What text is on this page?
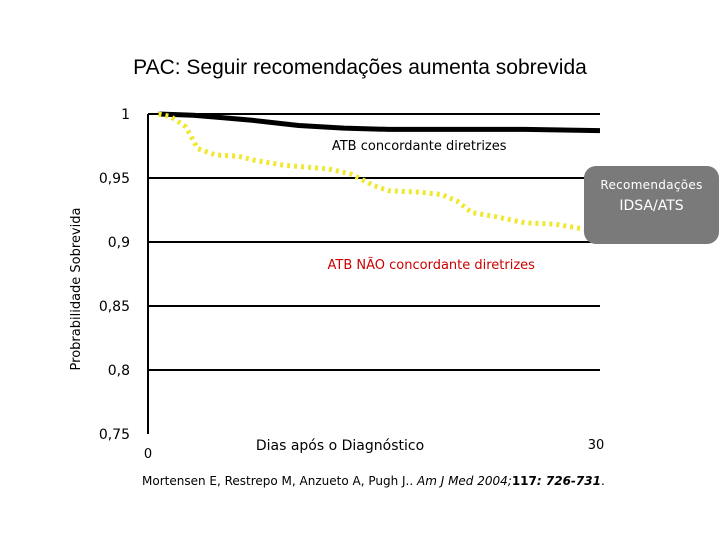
PAC: Seguir recomendações aumenta sobrevida
1
0,95
0,9
0,85
0,8
0,75
0
30
Dias após o Diagnóstico
Probrabilidade Sobrevida
ATB concordante diretrizes
ATB NÃO concordante diretrizes
Recomendações
IDSA/ATS
Mortensen E, Restrepo M, Anzueto A, Pugh J.. Am J Med 2004;117: 726-731.
